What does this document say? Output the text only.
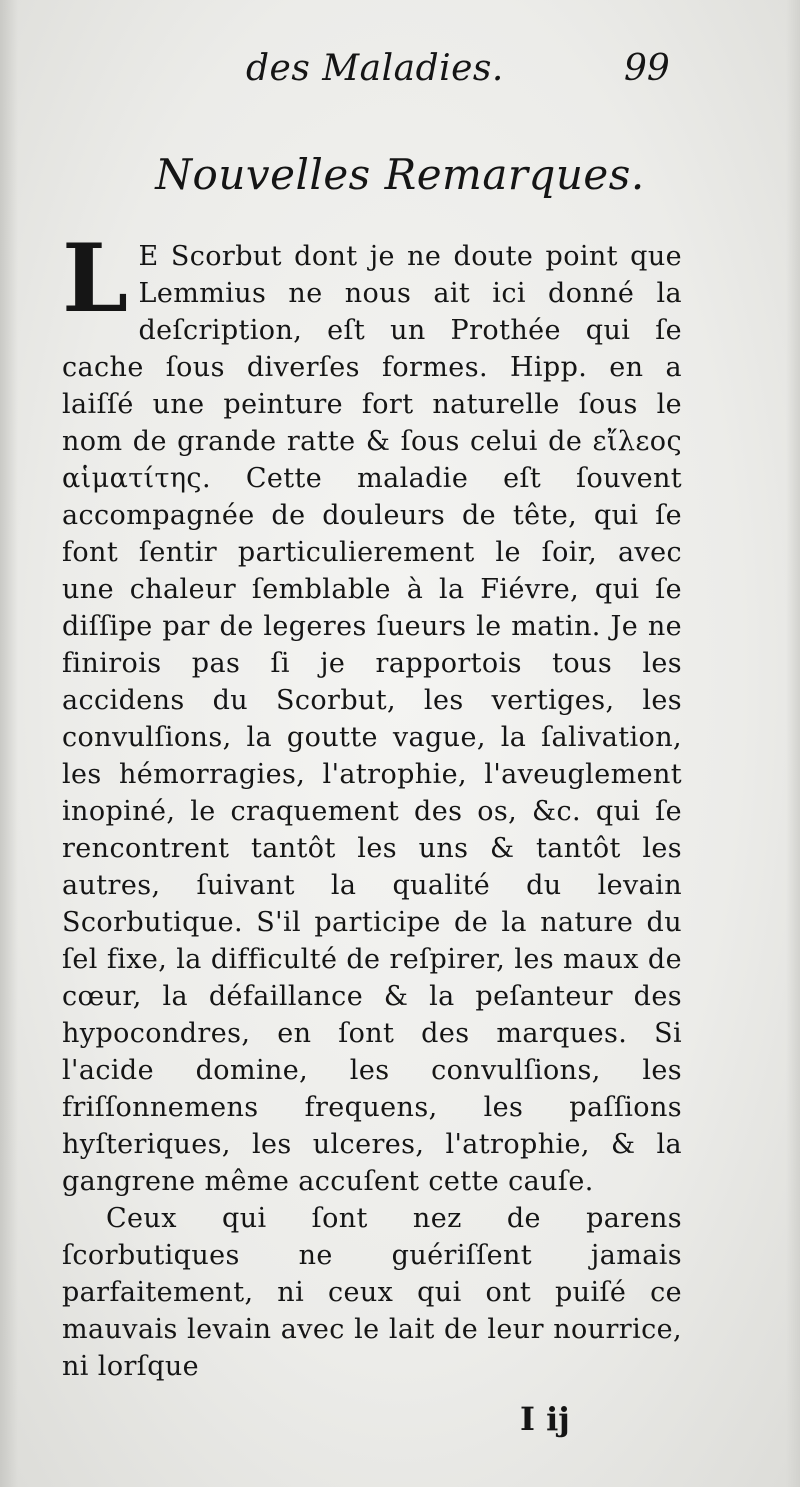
des Maladies.	99
Nouvelles Remarques.

L E Scorbut dont je ne doute point que Lemmius ne nous ait ici donné la deſcription, eſt un Prothée qui ſe cache ſous diverſes formes. Hipp. en a laiſſé une peinture fort naturelle ſous le nom de grande ratte & ſous celui de εἴλεος αἱματίτης. Cette maladie eſt ſouvent accompagnée de douleurs de tête, qui ſe font ſentir particulierement le ſoir, avec une chaleur ſemblable à la Fiévre, qui ſe diſſipe par de legeres ſueurs le matin. Je ne finirois pas ſi je rapportois tous les accidens du Scorbut, les vertiges, les convulſions, la goutte vague, la ſalivation, les hémorragies, l'atrophie, l'aveuglement inopiné, le craquement des os, &c. qui ſe rencontrent tantôt les uns & tantôt les autres, ſuivant la qualité du levain Scorbutique. S'il participe de la nature du ſel fixe, la difficulté de reſpirer, les maux de cœur, la défaillance & la peſanteur des hypocondres, en ſont des marques. Si l'acide domine, les convulſions, les friſſonnemens frequens, les paſſions hyſteriques, les ulceres, l'atrophie, & la gangrene même accuſent cette cauſe.

Ceux qui ſont nez de parens ſcorbutiques ne guériſſent jamais parfaitement, ni ceux qui ont puiſé ce mauvais levain avec le lait de leur nourrice, ni lorſque

I ij
